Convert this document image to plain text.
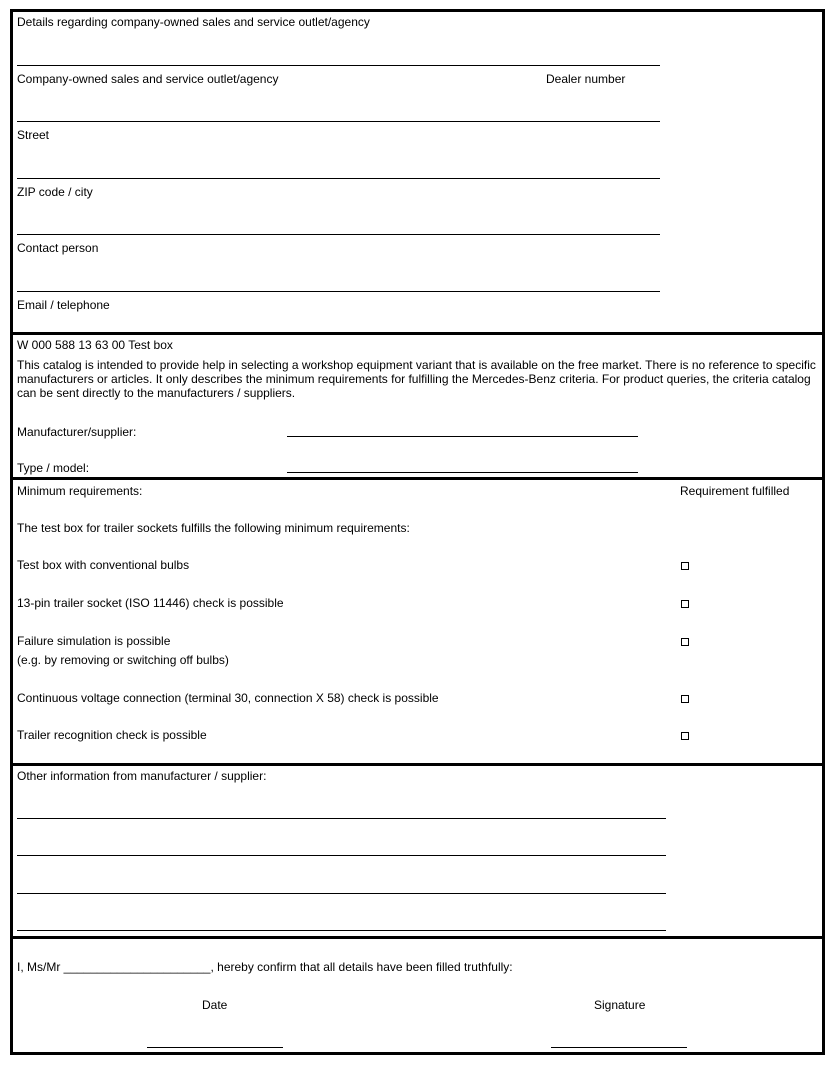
Details regarding company-owned sales and service outlet/agency
Company-owned sales and service outlet/agency	Dealer number
Street
ZIP code / city
Contact person
Email / telephone
W 000 588 13 63 00 Test box
This catalog is intended to provide help in selecting a workshop equipment variant that is available on the free market. There is no reference to specific manufacturers or articles. It only describes the minimum requirements for fulfilling the Mercedes-Benz criteria. For product queries, the criteria catalog can be sent directly to the manufacturers / suppliers.
Manufacturer/supplier:
Type / model:
Minimum requirements:	Requirement fulfilled
The test box for trailer sockets fulfills the following minimum requirements:
Test box with conventional bulbs
13-pin trailer socket (ISO 11446) check is possible
Failure simulation is possible
(e.g. by removing or switching off bulbs)
Continuous voltage connection (terminal 30, connection X 58) check is possible
Trailer recognition check is possible
Other information from manufacturer / supplier:
I, Ms/Mr ______________________, hereby confirm that all details have been filled truthfully:
Date	Signature
